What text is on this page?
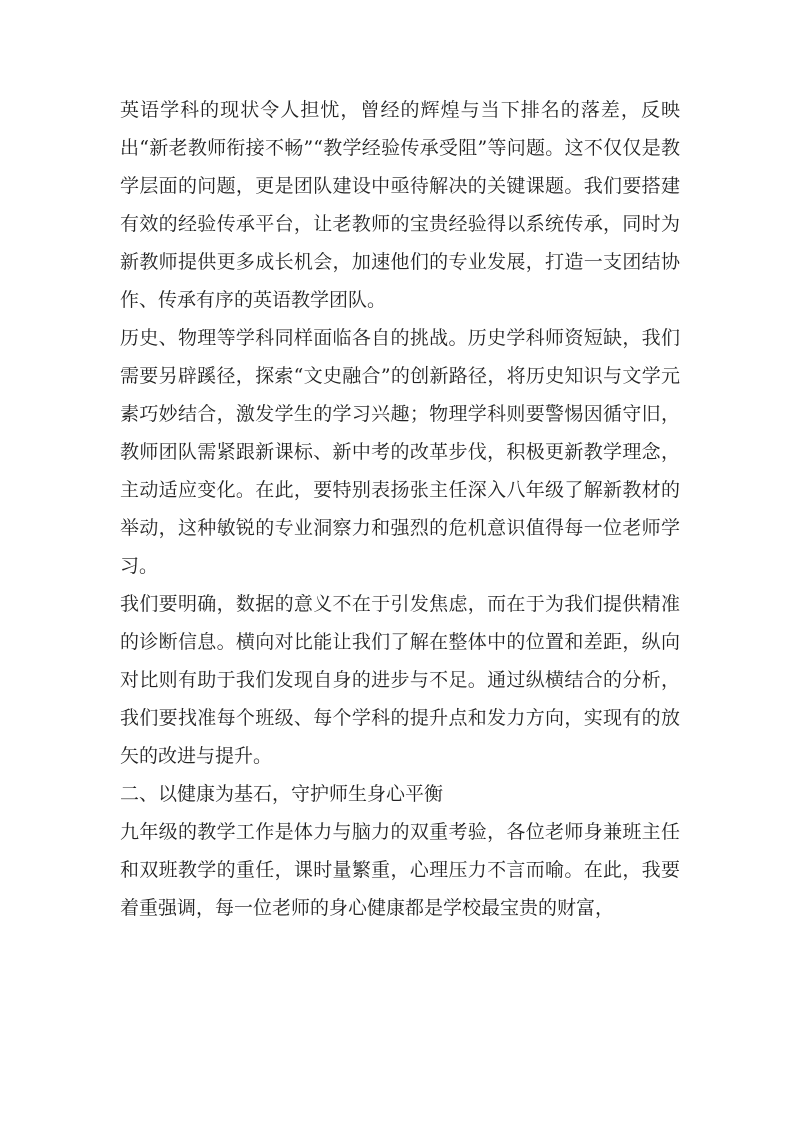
英语学科的现状令人担忧，曾经的辉煌与当下排名的落差，反映出“新老教师衔接不畅”“教学经验传承受阻”等问题。这不仅仅是教学层面的问题，更是团队建设中亟待解决的关键课题。我们要搭建有效的经验传承平台，让老教师的宝贵经验得以系统传承，同时为新教师提供更多成长机会，加速他们的专业发展，打造一支团结协作、传承有序的英语教学团队。

历史、物理等学科同样面临各自的挑战。历史学科师资短缺，我们需要另辟蹊径，探索“文史融合”的创新路径，将历史知识与文学元素巧妙结合，激发学生的学习兴趣；物理学科则要警惕因循守旧，教师团队需紧跟新课标、新中考的改革步伐，积极更新教学理念，主动适应变化。在此，要特别表扬张主任深入八年级了解新教材的举动，这种敏锐的专业洞察力和强烈的危机意识值得每一位老师学习。

我们要明确，数据的意义不在于引发焦虑，而在于为我们提供精准的诊断信息。横向对比能让我们了解在整体中的位置和差距，纵向对比则有助于我们发现自身的进步与不足。通过纵横结合的分析，我们要找准每个班级、每个学科的提升点和发力方向，实现有的放矢的改进与提升。

二、以健康为基石，守护师生身心平衡

九年级的教学工作是体力与脑力的双重考验，各位老师身兼班主任和双班教学的重任，课时量繁重，心理压力不言而喻。在此，我要着重强调，每一位老师的身心健康都是学校最宝贵的财富，
